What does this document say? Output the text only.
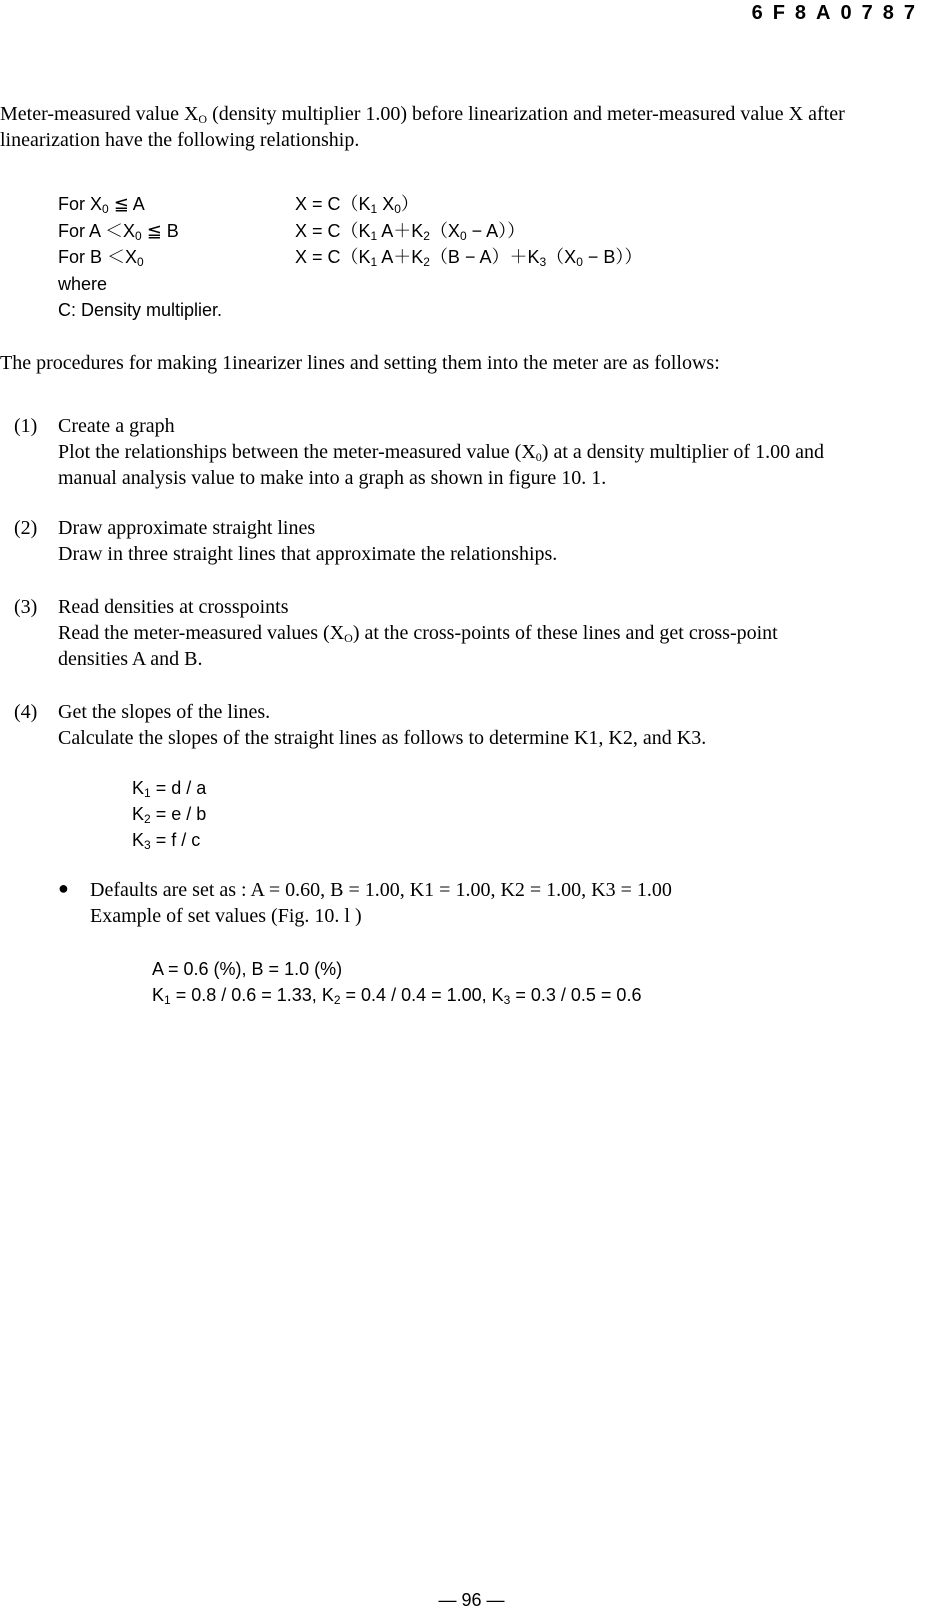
6F8A0787
Meter-measured value $X_O$ (density multiplier 1.00) before linearization and meter-measured value X after linearization have the following relationship.
For $X_0$ ≦ A	$X = C(K_1$ $X_0$）
For $A <X_0$ ≦ B	$X = C(K_1$ $A+K_2(X_0 - A)$）
For $B <X_0$	$X = C(K_1$ $A+K_2(B - A)+K_3(X_0 - B)$）
where
C: Density multiplier.
The procedures for making 1inearizer lines and setting them into the meter are as follows:
(1) Create a graph
Plot the relationships between the meter-measured value $(X_0)$ at a density multiplier of 1.00 and
manual analysis value to make into a graph as shown in figure 10. 1.
(2) Draw approximate straight lines
Draw in three straight lines that approximate the relationships.
(3) Read densities at crosspoints
Read the meter-measured values $(X_O)$ at the cross-points of these lines and get cross-point
densities A and B.
(4) Get the slopes of the lines.
Calculate the slopes of the straight lines as follows to determine K1, K2, and K3.
$K_1 = d / a$
$K_2 = e / b$
$K_3 = f / c$
● Defaults are set as : A = 0.60, B = 1.00, K1 = 1.00, K2 = 1.00, K3 = 1.00
Example of set values (Fig. 10. l )
A = 0.6 (%), B = 1.0 (%)
$K_1 = 0.8 / 0.6 = 1.33$, $K_2 = 0.4 / 0.4 = 1.00$, $K_3 = 0.3 / 0.5 = 0.6$
— 96 —
